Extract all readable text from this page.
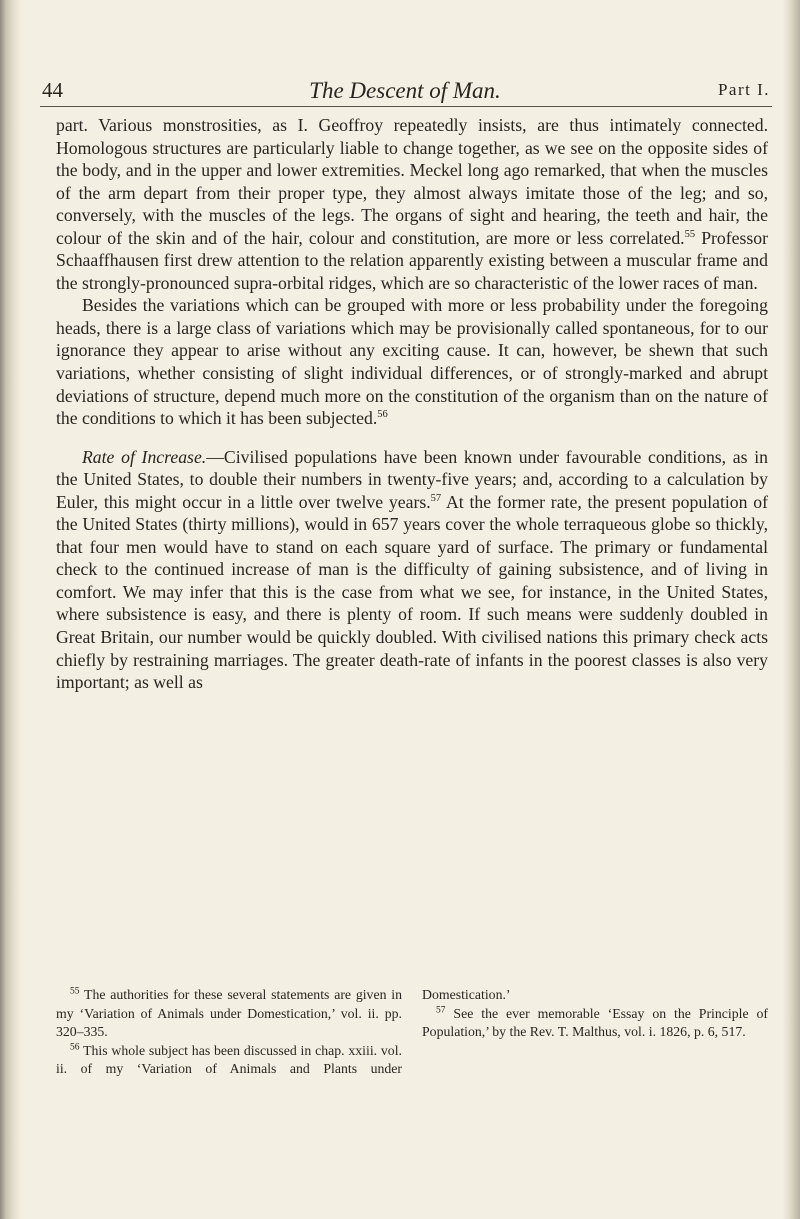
44	The Descent of Man.	Part I.

part. Various monstrosities, as I. Geoffroy repeatedly insists, are thus intimately connected. Homologous structures are particularly liable to change together, as we see on the opposite sides of the body, and in the upper and lower extremities. Meckel long ago remarked, that when the muscles of the arm depart from their proper type, they almost always imitate those of the leg; and so, conversely, with the muscles of the legs. The organs of sight and hearing, the teeth and hair, the colour of the skin and of the hair, colour and constitution, are more or less correlated.$^{55}$ Professor Schaaffhausen first drew attention to the relation apparently existing between a muscular frame and the strongly-pronounced supra-orbital ridges, which are so characteristic of the lower races of man.

Besides the variations which can be grouped with more or less probability under the foregoing heads, there is a large class of variations which may be provisionally called spontaneous, for to our ignorance they appear to arise without any exciting cause. It can, however, be shewn that such variations, whether consisting of slight individual differences, or of strongly-marked and abrupt deviations of structure, depend much more on the constitution of the organism than on the nature of the conditions to which it has been subjected.$^{56}$

Rate of Increase.—Civilised populations have been known under favourable conditions, as in the United States, to double their numbers in twenty-five years; and, according to a calculation by Euler, this might occur in a little over twelve years.$^{57}$ At the former rate, the present population of the United States (thirty millions), would in 657 years cover the whole terraqueous globe so thickly, that four men would have to stand on each square yard of surface. The primary or fundamental check to the continued increase of man is the difficulty of gaining subsistence, and of living in comfort. We may infer that this is the case from what we see, for instance, in the United States, where subsistence is easy, and there is plenty of room. If such means were suddenly doubled in Great Britain, our number would be quickly doubled. With civilised nations this primary check acts chiefly by restraining marriages. The greater death-rate of infants in the poorest classes is also very important; as well as

$^{55}$ The authorities for these several statements are given in my ‘Variation of Animals under Domestication,’ vol. ii. pp. 320–335.

$^{56}$ This whole subject has been discussed in chap. xxiii. vol. ii. of my ‘Variation of Animals and Plants under Domestication.’

$^{57}$ See the ever memorable ‘Essay on the Principle of Population,’ by the Rev. T. Malthus, vol. i. 1826, p. 6, 517.
